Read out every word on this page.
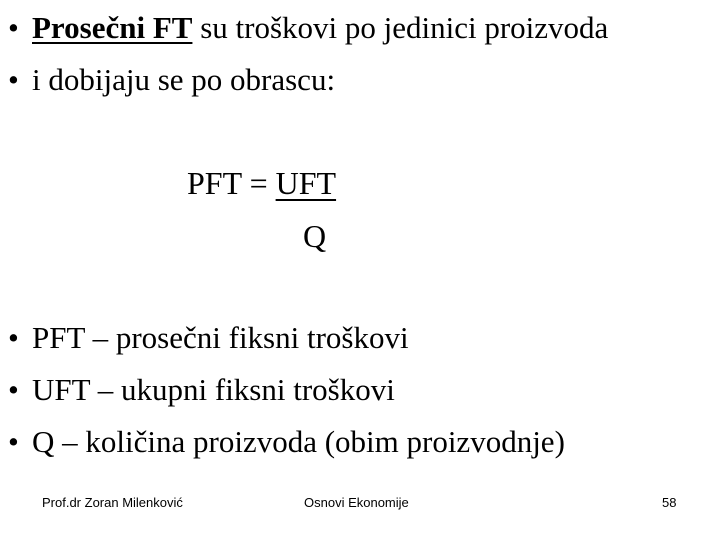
• Prosečni FT su troškovi po jedinici proizvoda
• i dobijaju se po obrascu:
PFT = UFT
Q
• PFT – prosečni fiksni troškovi
• UFT – ukupni fiksni troškovi
• Q – količina proizvoda (obim proizvodnje)
Prof.dr Zoran Milenković	Osnovi Ekonomije	58
